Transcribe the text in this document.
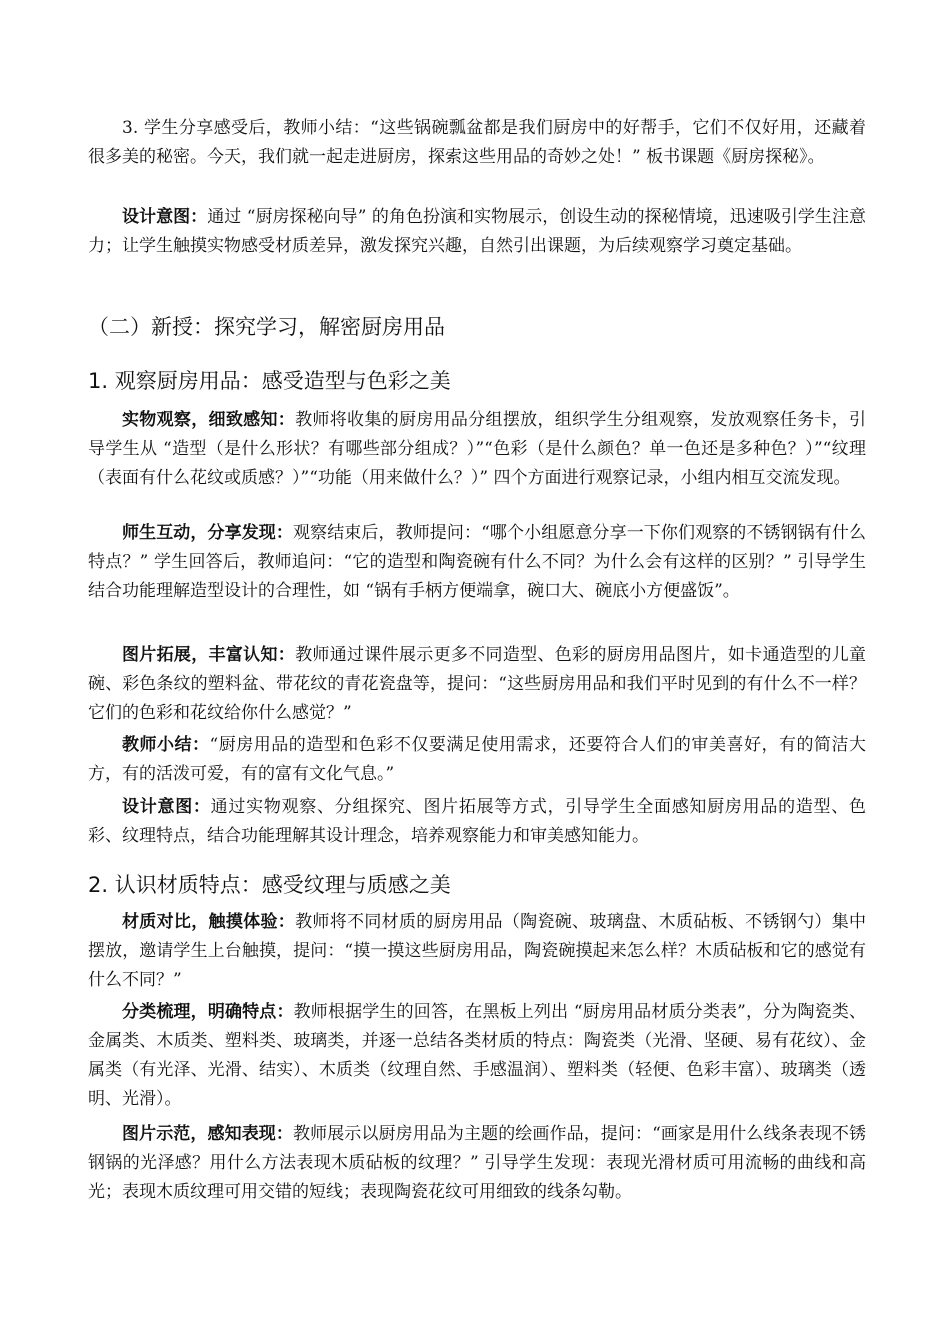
3. 学生分享感受后，教师小结：“这些锅碗瓢盆都是我们厨房中的好帮手，它们不仅好用，还藏着很多美的秘密。今天，我们就一起走进厨房，探索这些用品的奇妙之处！” 板书课题《厨房探秘》。

设计意图：通过 “厨房探秘向导” 的角色扮演和实物展示，创设生动的探秘情境，迅速吸引学生注意力；让学生触摸实物感受材质差异，激发探究兴趣，自然引出课题，为后续观察学习奠定基础。

（二）新授：探究学习，解密厨房用品
1. 观察厨房用品：感受造型与色彩之美

实物观察，细致感知：教师将收集的厨房用品分组摆放，组织学生分组观察，发放观察任务卡，引导学生从 “造型（是什么形状？有哪些部分组成？）”“色彩（是什么颜色？单一色还是多种色？）”“纹理（表面有什么花纹或质感？）”“功能（用来做什么？）” 四个方面进行观察记录，小组内相互交流发现。

师生互动，分享发现：观察结束后，教师提问：“哪个小组愿意分享一下你们观察的不锈钢锅有什么特点？” 学生回答后，教师追问：“它的造型和陶瓷碗有什么不同？为什么会有这样的区别？” 引导学生结合功能理解造型设计的合理性，如 “锅有手柄方便端拿，碗口大、碗底小方便盛饭”。

图片拓展，丰富认知：教师通过课件展示更多不同造型、色彩的厨房用品图片，如卡通造型的儿童碗、彩色条纹的塑料盆、带花纹的青花瓷盘等，提问：“这些厨房用品和我们平时见到的有什么不一样？它们的色彩和花纹给你什么感觉？”

教师小结：“厨房用品的造型和色彩不仅要满足使用需求，还要符合人们的审美喜好，有的简洁大方，有的活泼可爱，有的富有文化气息。”

设计意图：通过实物观察、分组探究、图片拓展等方式，引导学生全面感知厨房用品的造型、色彩、纹理特点，结合功能理解其设计理念，培养观察能力和审美感知能力。

2. 认识材质特点：感受纹理与质感之美

材质对比，触摸体验：教师将不同材质的厨房用品（陶瓷碗、玻璃盘、木质砧板、不锈钢勺）集中摆放，邀请学生上台触摸，提问：“摸一摸这些厨房用品，陶瓷碗摸起来怎么样？木质砧板和它的感觉有什么不同？”

分类梳理，明确特点：教师根据学生的回答，在黑板上列出 “厨房用品材质分类表”，分为陶瓷类、金属类、木质类、塑料类、玻璃类，并逐一总结各类材质的特点：陶瓷类（光滑、坚硬、易有花纹）、金属类（有光泽、光滑、结实）、木质类（纹理自然、手感温润）、塑料类（轻便、色彩丰富）、玻璃类（透明、光滑）。

图片示范，感知表现：教师展示以厨房用品为主题的绘画作品，提问：“画家是用什么线条表现不锈钢锅的光泽感？用什么方法表现木质砧板的纹理？” 引导学生发现：表现光滑材质可用流畅的曲线和高光；表现木质纹理可用交错的短线；表现陶瓷花纹可用细致的线条勾勒。
